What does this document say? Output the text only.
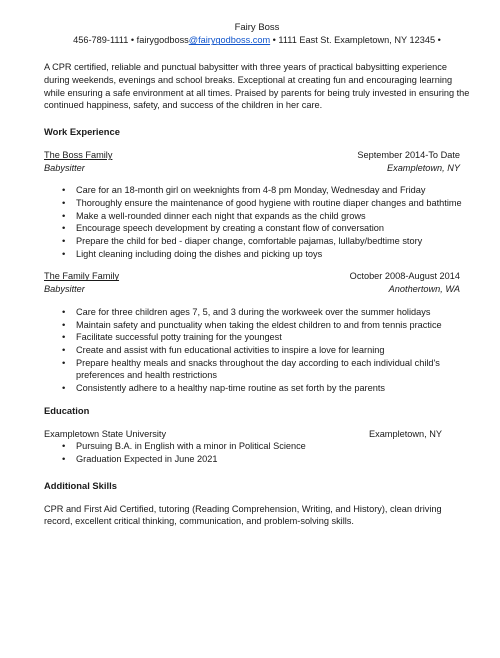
Fairy Boss
456-789-1111 • fairygodboss@fairygodboss.com • 1111 East St. Exampletown, NY 12345 •

A CPR certified, reliable and punctual babysitter with three years of practical babysitting experience during weekends, evenings and school breaks. Exceptional at creating fun and encouraging learning while ensuring a safe environment at all times. Praised by parents for being truly invested in ensuring the continued happiness, safety, and success of the children in her care.

Work Experience
The Boss Family	September 2014-To Date
Babysitter	Exampletown, NY
• Care for an 18-month girl on weeknights from 4-8 pm Monday, Wednesday and Friday
• Thoroughly ensure the maintenance of good hygiene with routine diaper changes and bathtime
• Make a well-rounded dinner each night that expands as the child grows
• Encourage speech development by creating a constant flow of conversation
• Prepare the child for bed - diaper change, comfortable pajamas, lullaby/bedtime story
• Light cleaning including doing the dishes and picking up toys
The Family Family	October 2008-August 2014
Babysitter	Anothertown, WA
• Care for three children ages 7, 5, and 3 during the workweek over the summer holidays
• Maintain safety and punctuality when taking the eldest children to and from tennis practice
• Facilitate successful potty training for the youngest
• Create and assist with fun educational activities to inspire a love for learning
• Prepare healthy meals and snacks throughout the day according to each individual child's preferences and health restrictions
• Consistently adhere to a healthy nap-time routine as set forth by the parents
Education
Exampletown State University	Exampletown, NY
• Pursuing B.A. in English with a minor in Political Science
• Graduation Expected in June 2021
Additional Skills

CPR and First Aid Certified, tutoring (Reading Comprehension, Writing, and History), clean driving record, excellent critical thinking, communication, and problem-solving skills.
